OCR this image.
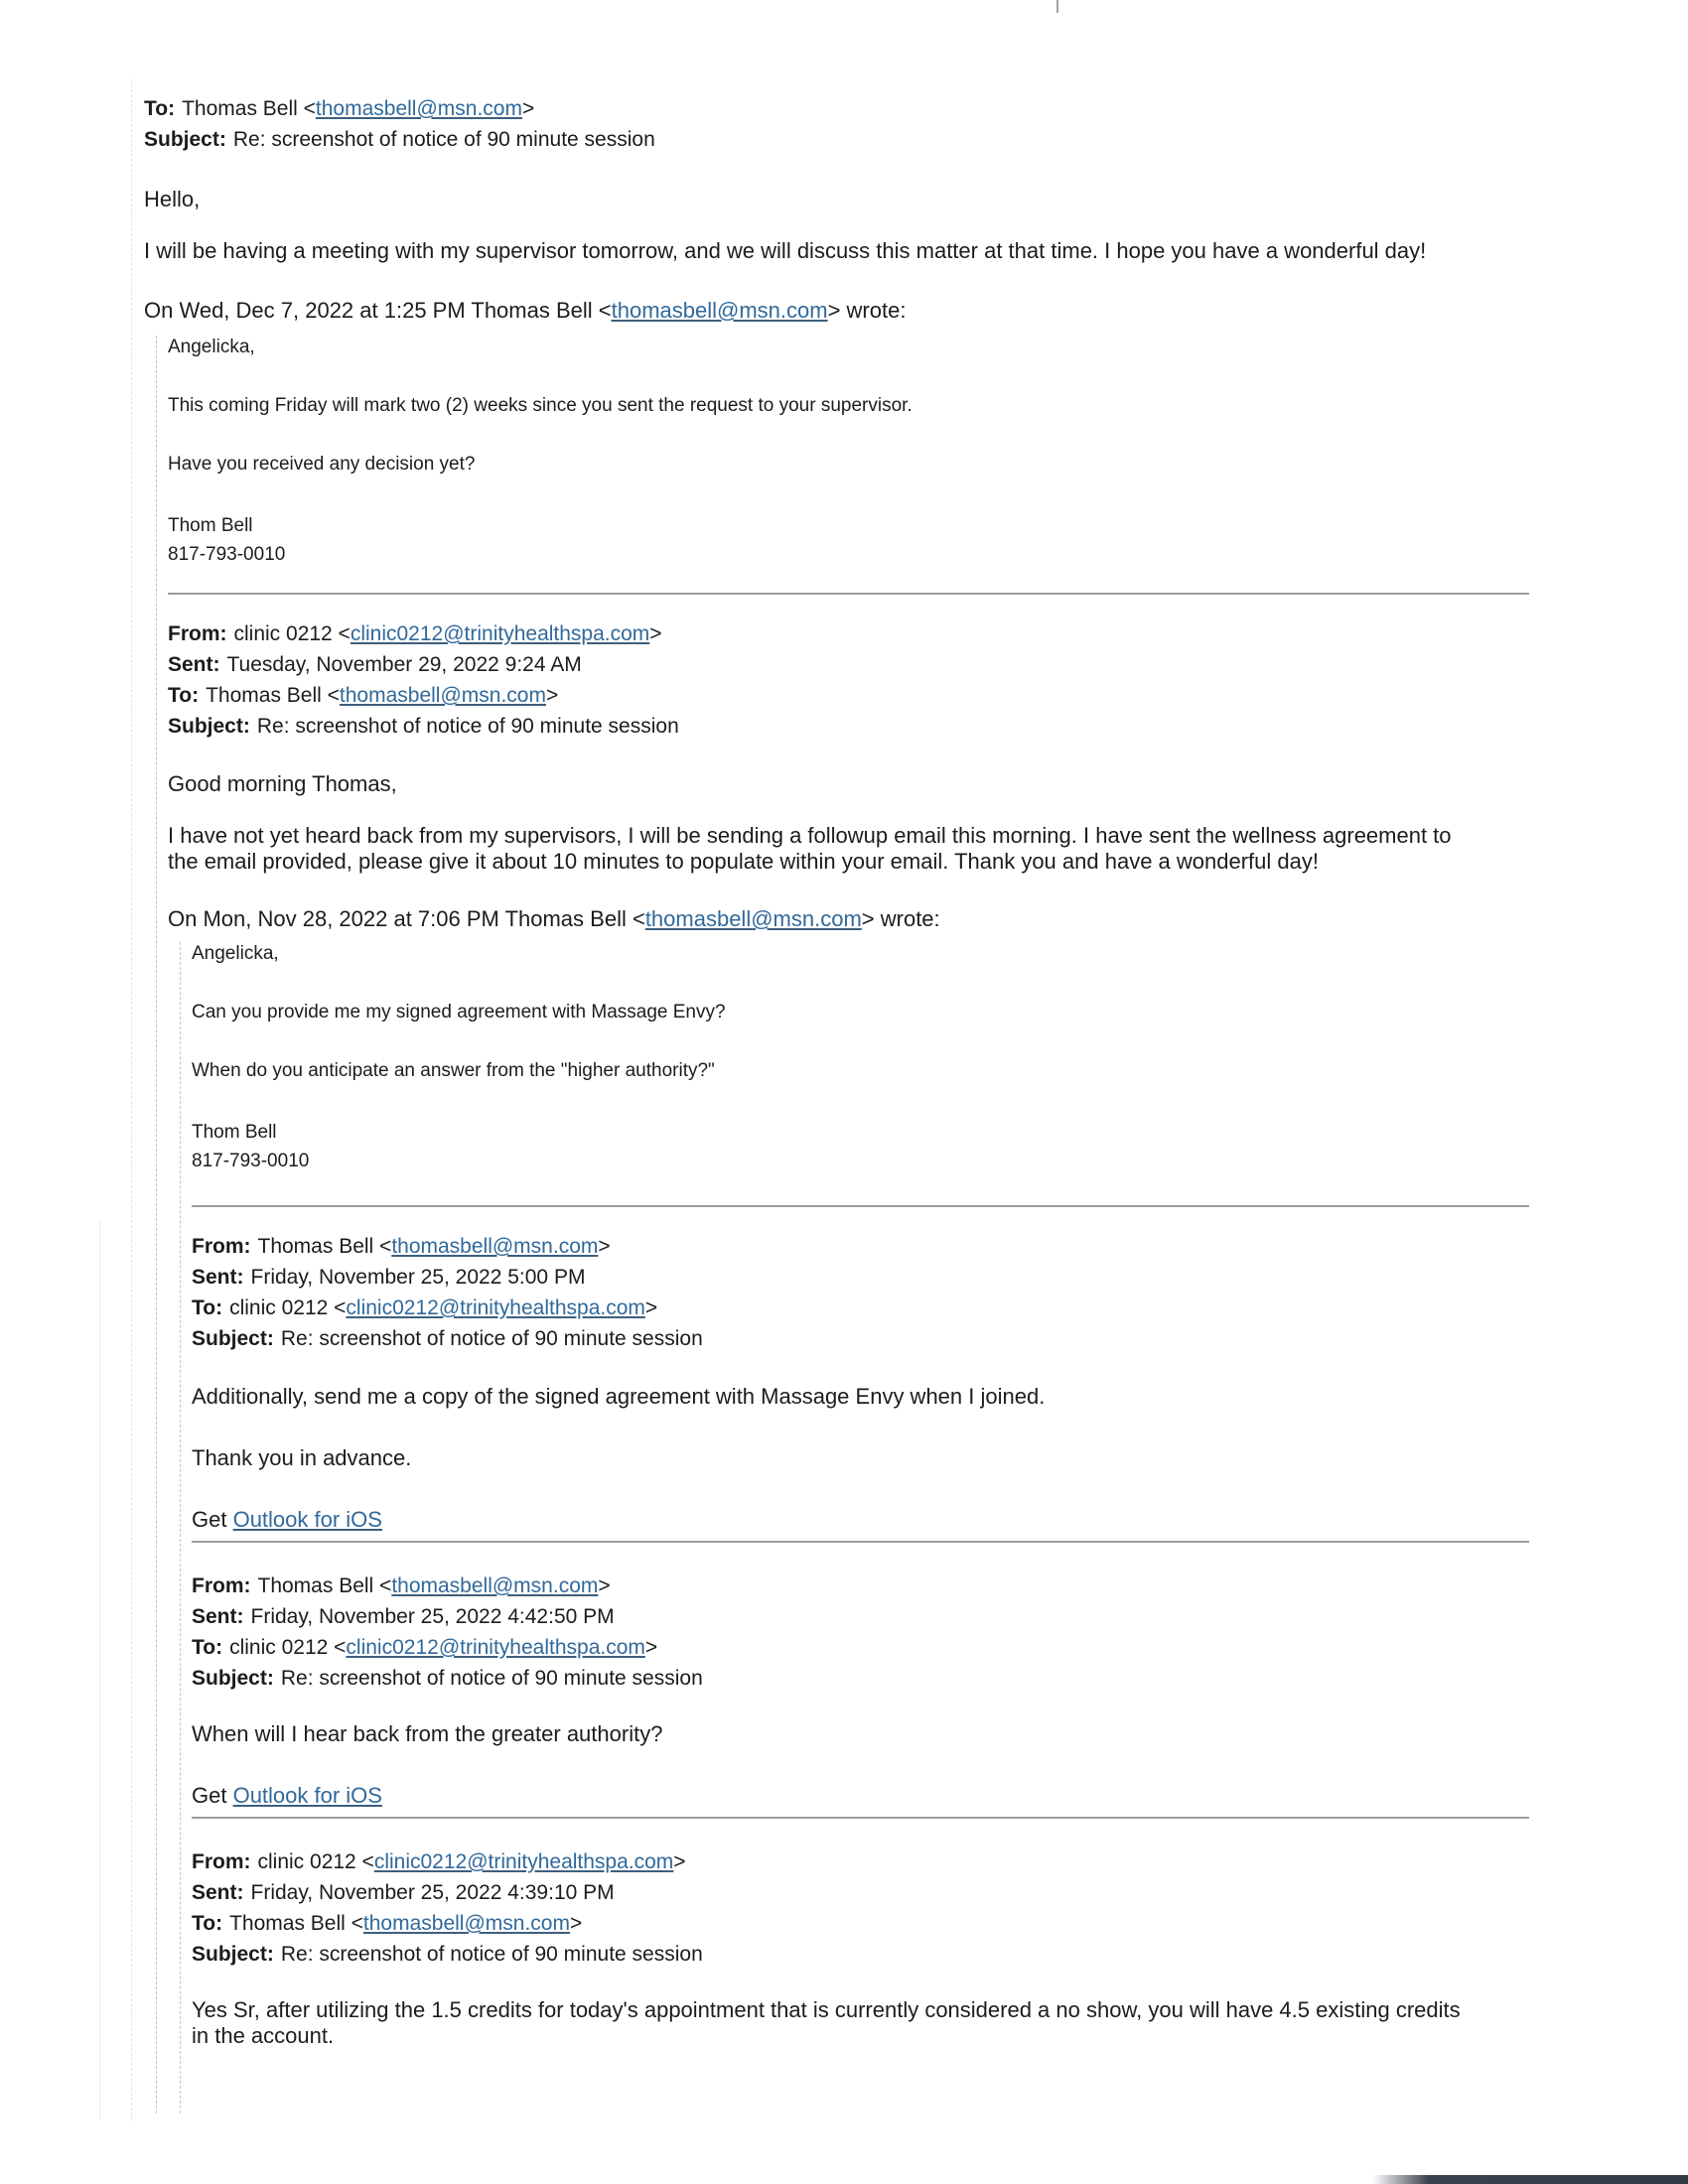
To: Thomas Bell <thomasbell@msn.com>
Subject: Re: screenshot of notice of 90 minute session
Hello,
I will be having a meeting with my supervisor tomorrow, and we will discuss this matter at that time. I hope you have a wonderful day!
On Wed, Dec 7, 2022 at 1:25 PM Thomas Bell <thomasbell@msn.com> wrote:
Angelicka,
This coming Friday will mark two (2) weeks since you sent the request to your supervisor.
Have you received any decision yet?
Thom Bell
817-793-0010
From: clinic 0212 <clinic0212@trinityhealthspa.com>
Sent: Tuesday, November 29, 2022 9:24 AM
To: Thomas Bell <thomasbell@msn.com>
Subject: Re: screenshot of notice of 90 minute session
Good morning Thomas,
I have not yet heard back from my supervisors, I will be sending a followup email this morning. I have sent the wellness agreement to
the email provided, please give it about 10 minutes to populate within your email. Thank you and have a wonderful day!
On Mon, Nov 28, 2022 at 7:06 PM Thomas Bell <thomasbell@msn.com> wrote:
Angelicka,
Can you provide me my signed agreement with Massage Envy?
When do you anticipate an answer from the "higher authority?"
Thom Bell
817-793-0010
From: Thomas Bell <thomasbell@msn.com>
Sent: Friday, November 25, 2022 5:00 PM
To: clinic 0212 <clinic0212@trinityhealthspa.com>
Subject: Re: screenshot of notice of 90 minute session
Additionally, send me a copy of the signed agreement with Massage Envy when I joined.
Thank you in advance.
Get Outlook for iOS
From: Thomas Bell <thomasbell@msn.com>
Sent: Friday, November 25, 2022 4:42:50 PM
To: clinic 0212 <clinic0212@trinityhealthspa.com>
Subject: Re: screenshot of notice of 90 minute session
When will I hear back from the greater authority?
Get Outlook for iOS
From: clinic 0212 <clinic0212@trinityhealthspa.com>
Sent: Friday, November 25, 2022 4:39:10 PM
To: Thomas Bell <thomasbell@msn.com>
Subject: Re: screenshot of notice of 90 minute session
Yes Sr, after utilizing the 1.5 credits for today's appointment that is currently considered a no show, you will have 4.5 existing credits
in the account.
